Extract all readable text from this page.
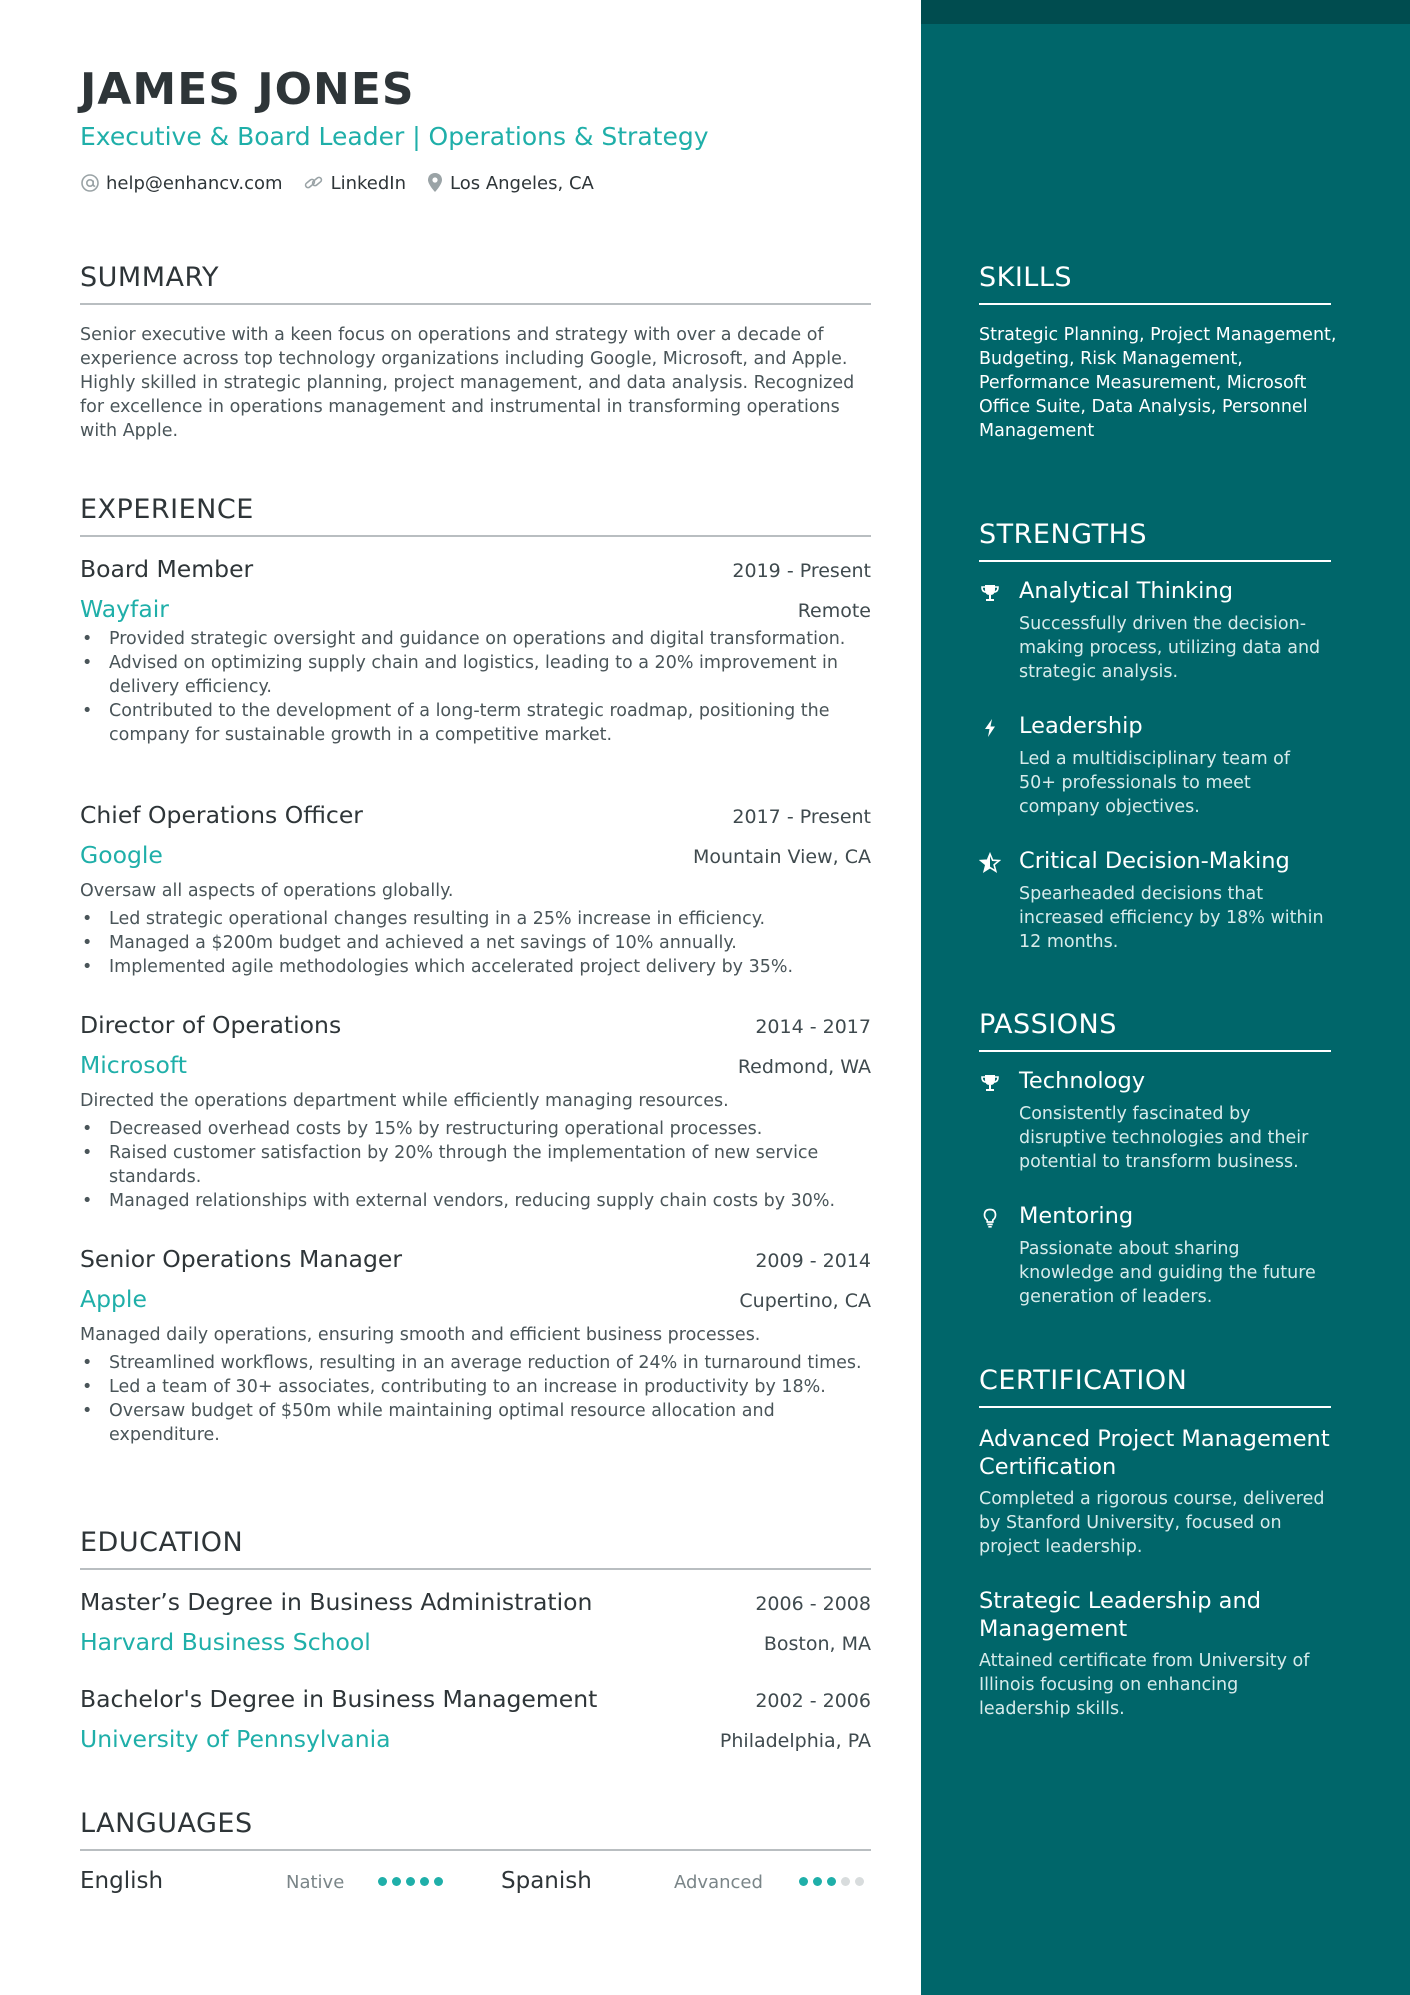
JAMES JONES
Executive & Board Leader | Operations & Strategy
help@enhancv.com	LinkedIn Los Angeles, CA
SUMMARY
Senior executive with a keen focus on operations and strategy with over a decade of experience across top technology organizations including Google, Microsoft, and Apple. Highly skilled in strategic planning, project management, and data analysis. Recognized for excellence in operations management and instrumental in transforming operations with Apple.
EXPERIENCE
Board Member	2019 - Present
Wayfair	Remote
• Provided strategic oversight and guidance on operations and digital transformation.
• Advised on optimizing supply chain and logistics, leading to a 20% improvement in delivery efficiency.
• Contributed to the development of a long-term strategic roadmap, positioning the company for sustainable growth in a competitive market.
Chief Operations Officer	2017 - Present
Google	Mountain View, CA
Oversaw all aspects of operations globally.
• Led strategic operational changes resulting in a 25% increase in efficiency.
• Managed a $200m budget and achieved a net savings of 10% annually.
• Implemented agile methodologies which accelerated project delivery by 35%.
Director of Operations	2014 - 2017
Microsoft	Redmond, WA
Directed the operations department while efficiently managing resources.
• Decreased overhead costs by 15% by restructuring operational processes.
• Raised customer satisfaction by 20% through the implementation of new service standards.
• Managed relationships with external vendors, reducing supply chain costs by 30%.
Senior Operations Manager	2009 - 2014
Apple	Cupertino, CA
Managed daily operations, ensuring smooth and efficient business processes.
• Streamlined workflows, resulting in an average reduction of 24% in turnaround times.
• Led a team of 30+ associates, contributing to an increase in productivity by 18%.
• Oversaw budget of $50m while maintaining optimal resource allocation and expenditure.
EDUCATION
Master’s Degree in Business Administration	2006 - 2008
Harvard Business School	Boston, MA
Bachelor's Degree in Business Management	2002 - 2006
University of Pennsylvania	Philadelphia, PA
LANGUAGES
English	Native	Spanish	Advanced
SKILLS
Strategic Planning, Project Management, Budgeting, Risk Management, Performance Measurement, Microsoft Office Suite, Data Analysis, Personnel Management
STRENGTHS
Analytical Thinking
Successfully driven the decision-making process, utilizing data and strategic analysis.
Leadership
Led a multidisciplinary team of 50+ professionals to meet company objectives.
Critical Decision-Making
Spearheaded decisions that increased efficiency by 18% within 12 months.
PASSIONS
Technology
Consistently fascinated by disruptive technologies and their potential to transform business.
Mentoring
Passionate about sharing knowledge and guiding the future generation of leaders.
CERTIFICATION
Advanced Project Management Certification
Completed a rigorous course, delivered by Stanford University, focused on project leadership.
Strategic Leadership and Management
Attained certificate from University of Illinois focusing on enhancing leadership skills.
